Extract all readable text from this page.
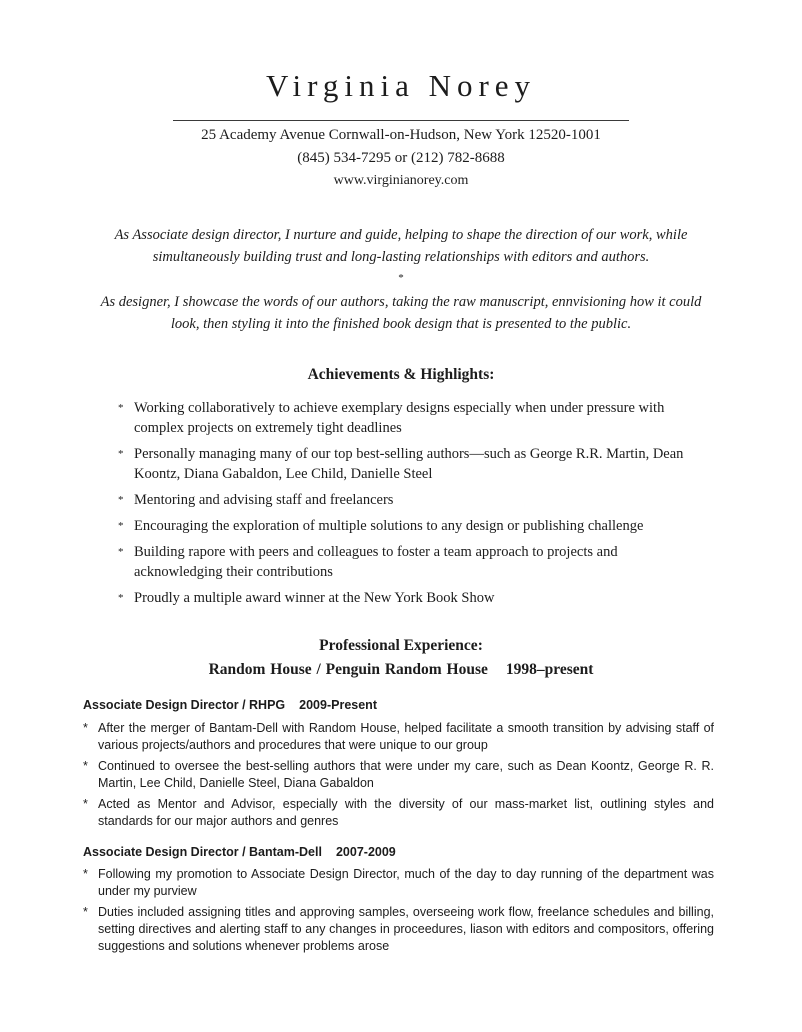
Virginia Norey
25 Academy Avenue Cornwall-on-Hudson, New York 12520-1001
(845) 534-7295 or (212) 782-8688
www.virginianorey.com
As Associate design director, I nurture and guide, helping to shape the direction of our work, while simultaneously building trust and long-lasting relationships with editors and authors.
*
As designer, I showcase the words of our authors, taking the raw manuscript, ennvisioning how it could look, then styling it into the finished book design that is presented to the public.
Achievements & Highlights:
* Working collaboratively to achieve exemplary designs especially when under pressure with complex projects on extremely tight deadlines
* Personally managing many of our top best-selling authors—such as George R.R. Martin, Dean Koontz, Diana Gabaldon, Lee Child, Danielle Steel
* Mentoring and advising staff and freelancers
* Encouraging the exploration of multiple solutions to any design or publishing challenge
* Building rapore with peers and colleagues to foster a team approach to projects and acknowledging their contributions
* Proudly a multiple award winner at the New York Book Show
Professional Experience:
Random House / Penguin Random House 1998–present
Associate Design Director / RHPG 2009-Present
* After the merger of Bantam-Dell with Random House, helped facilitate a smooth transition by advising staff of various projects/authors and procedures that were unique to our group
* Continued to oversee the best-selling authors that were under my care, such as Dean Koontz, George R. R. Martin, Lee Child, Danielle Steel, Diana Gabaldon
* Acted as Mentor and Advisor, especially with the diversity of our mass-market list, outlining styles and standards for our major authors and genres
Associate Design Director / Bantam-Dell 2007-2009
* Following my promotion to Associate Design Director, much of the day to day running of the department was under my purview
* Duties included assigning titles and approving samples, overseeing work flow, freelance schedules and billing, setting directives and alerting staff to any changes in proceedures, liason with editors and compositors, offering suggestions and solutions whenever problems arose
